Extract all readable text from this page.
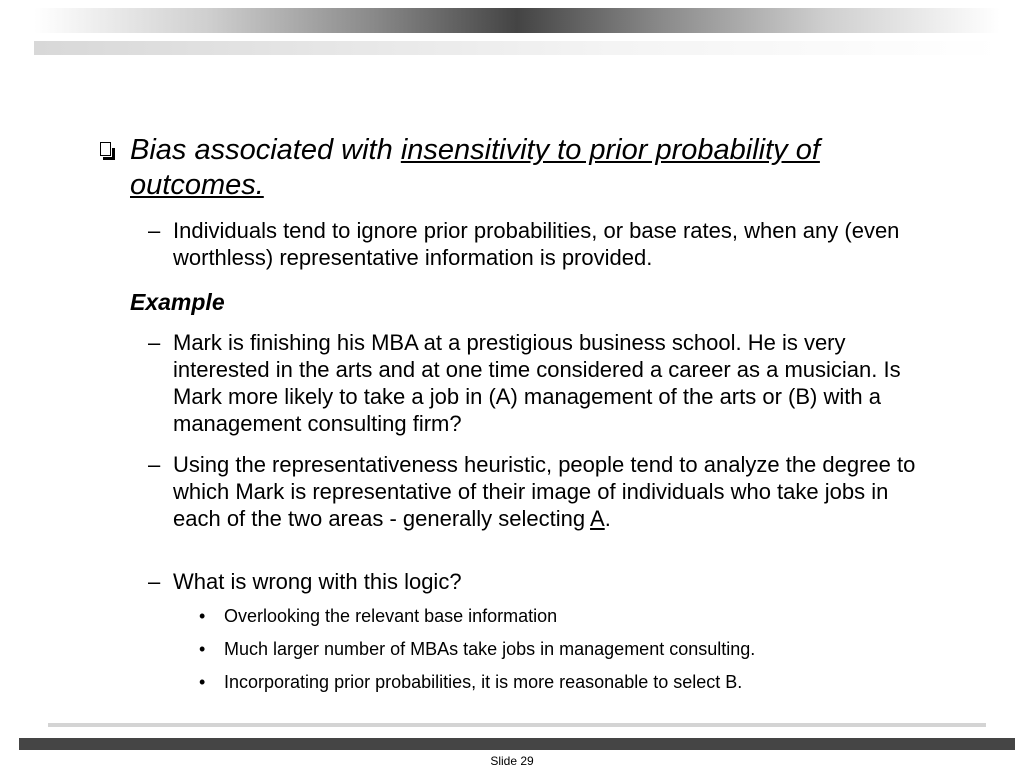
Bias associated with insensitivity to prior probability of outcomes.
– Individuals tend to ignore prior probabilities, or base rates, when any (even worthless) representative information is provided.
Example
– Mark is finishing his MBA at a prestigious business school. He is very interested in the arts and at one time considered a career as a musician. Is Mark more likely to take a job in (A) management of the arts or (B) with a management consulting firm?
– Using the representativeness heuristic, people tend to analyze the degree to which Mark is representative of their image of individuals who take jobs in each of the two areas - generally selecting A.
– What is wrong with this logic?
• Overlooking the relevant base information
• Much larger number of MBAs take jobs in management consulting.
• Incorporating prior probabilities, it is more reasonable to select B.
Slide 29
